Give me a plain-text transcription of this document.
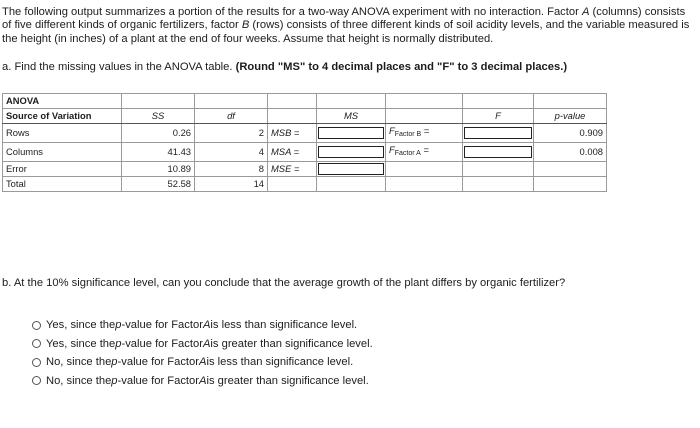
The following output summarizes a portion of the results for a two-way ANOVA experiment with no interaction. Factor A (columns) consists of five different kinds of organic fertilizers, factor B (rows) consists of three different kinds of soil acidity levels, and the variable measured is the height (in inches) of a plant at the end of four weeks. Assume that height is normally distributed.

a. Find the missing values in the ANOVA table. (Round "MS" to 4 decimal places and "F" to 3 decimal places.)

ANOVA							
Source of Variation	SS	df		MS		F	p-value
Rows	0.26	2	MSB =		$F_{Factor B}$ =		0.909
Columns	41.43	4	MSA =		$F_{Factor A}$ =		0.008
Error	10.89	8	MSE =	

Total	52.58	14					

b. At the 10% significance level, can you conclude that the average growth of the plant differs by organic fertilizer?

Yes, since the p -value for Factor A is less than significance level.
Yes, since the p -value for Factor A is greater than significance level.
No, since the p -value for Factor A is less than significance level.
No, since the p -value for Factor A is greater than significance level.
